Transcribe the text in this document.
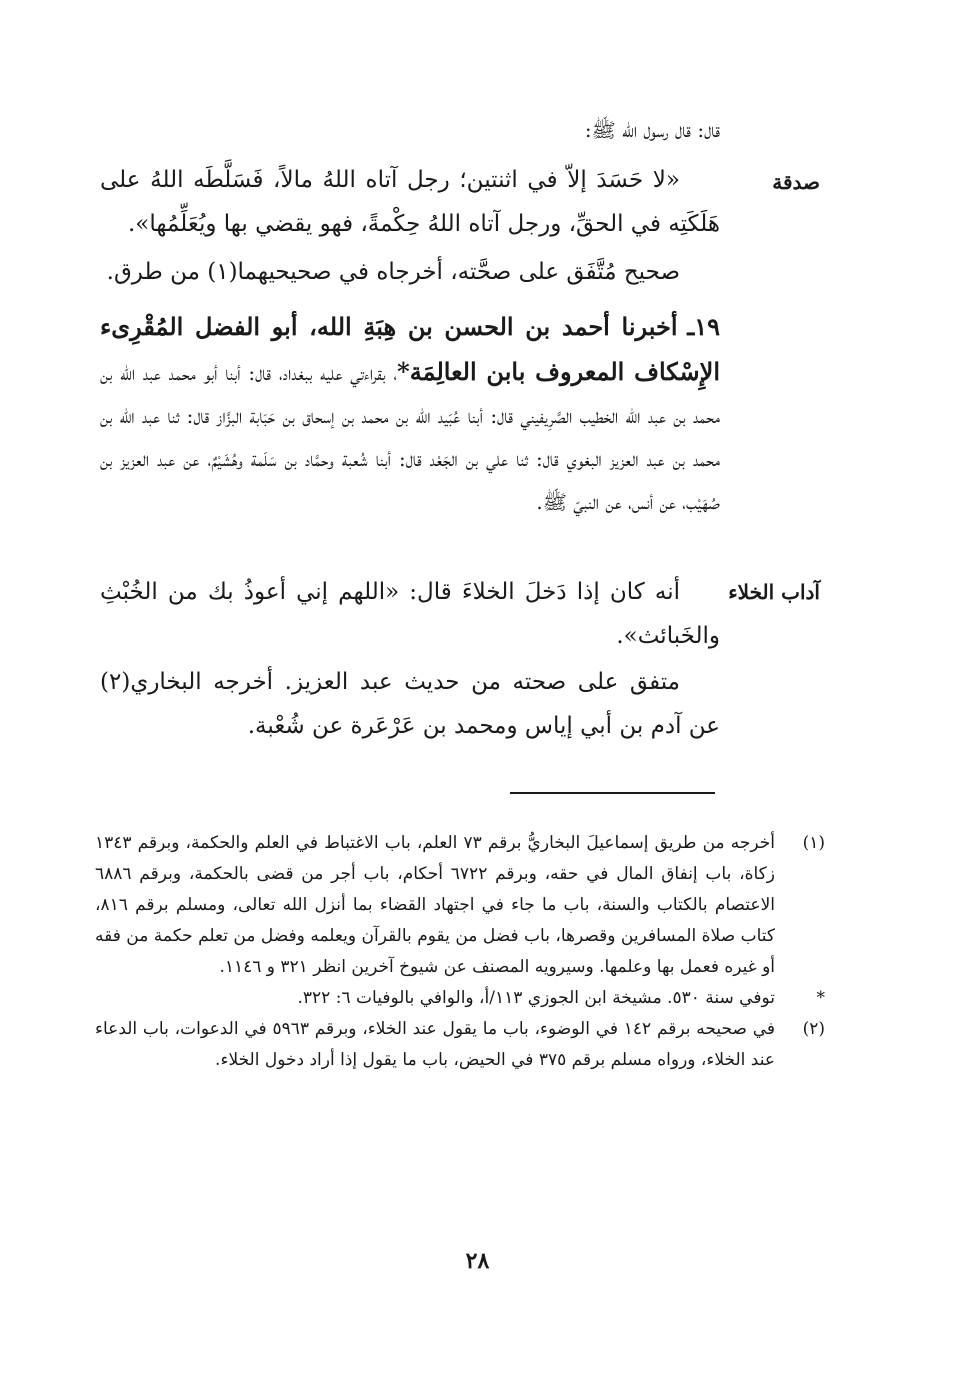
قال: قال رسول الله ﷺ:
صدقة
«لا حَسَدَ إلاّ في اثنتين؛ رجل آتاه اللهُ مالاً، فَسَلَّطَه اللهُ على هَلَكَتِه في الحقِّ، ورجل آتاه اللهُ حِكْمةً، فهو يقضي بها ويُعَلِّمُها».
صحيح مُتَّفَق على صحَّته، أخرجاه في صحيحيهما(١) من طرق.
١٩ـ أخبرنا أحمد بن الحسن بن هِبَةِ الله، أبو الفضل المُقْرِىء الإِسْكاف المعروف بابن العالِمَة*، بقراءتي عليه ببغداد، قال: أبنا أبو محمد عبد الله بن محمد بن عبد الله الخطيب الصَّرِيفيني قال: أبنا عُبَيد الله بن محمد بن إسحاق بن حَبَابة البزَّاز قال: ثنا عبد الله بن محمد بن عبد العزيز البغوي قال: ثنا علي بن الجَعْد قال: أبنا شُعبة وحمَّاد بن سَلَمة وهُشَيْمٌ، عن عبد العزيز بن صُهَيْب، عن أنس، عن النبيّ ﷺ.
آداب الخلاء
أنه كان إذا دَخلَ الخلاءَ قال: «اللهم إني أعوذُ بك من الخُبْثِ والخَبائث».
متفق على صحته من حديث عبد العزيز. أخرجه البخاري(٢) عن آدم بن أبي إياس ومحمد بن عَرْعَرة عن شُعْبة.
(١)
أخرجه من طريق إسماعيلَ البخاريُّ برقم ٧٣ العلم، باب الاغتباط في العلم والحكمة، وبرقم ١٣٤٣ زكاة، باب إنفاق المال في حقه، وبرقم ٦٧٢٢ أحكام، باب أجر من قضى بالحكمة، وبرقم ٦٨٨٦ الاعتصام بالكتاب والسنة، باب ما جاء في اجتهاد القضاء بما أنزل الله تعالى، ومسلم برقم ٨١٦، كتاب صلاة المسافرين وقصرها، باب فضل من يقوم بالقرآن ويعلمه وفضل من تعلم حكمة من فقه أو غيره فعمل بها وعلمها. وسيرويه المصنف عن شيوخ آخرين انظر ٣٢١ و ١١٤٦.
*
توفي سنة ٥٣٠. مشيخة ابن الجوزي ١١٣/أ، والوافي بالوفيات ٦: ٣٢٢.
(٢)
في صحيحه برقم ١٤٢ في الوضوء، باب ما يقول عند الخلاء، وبرقم ٥٩٦٣ في الدعوات، باب الدعاء عند الخلاء، ورواه مسلم برقم ٣٧٥ في الحيض، باب ما يقول إذا أراد دخول الخلاء.
٢٨
